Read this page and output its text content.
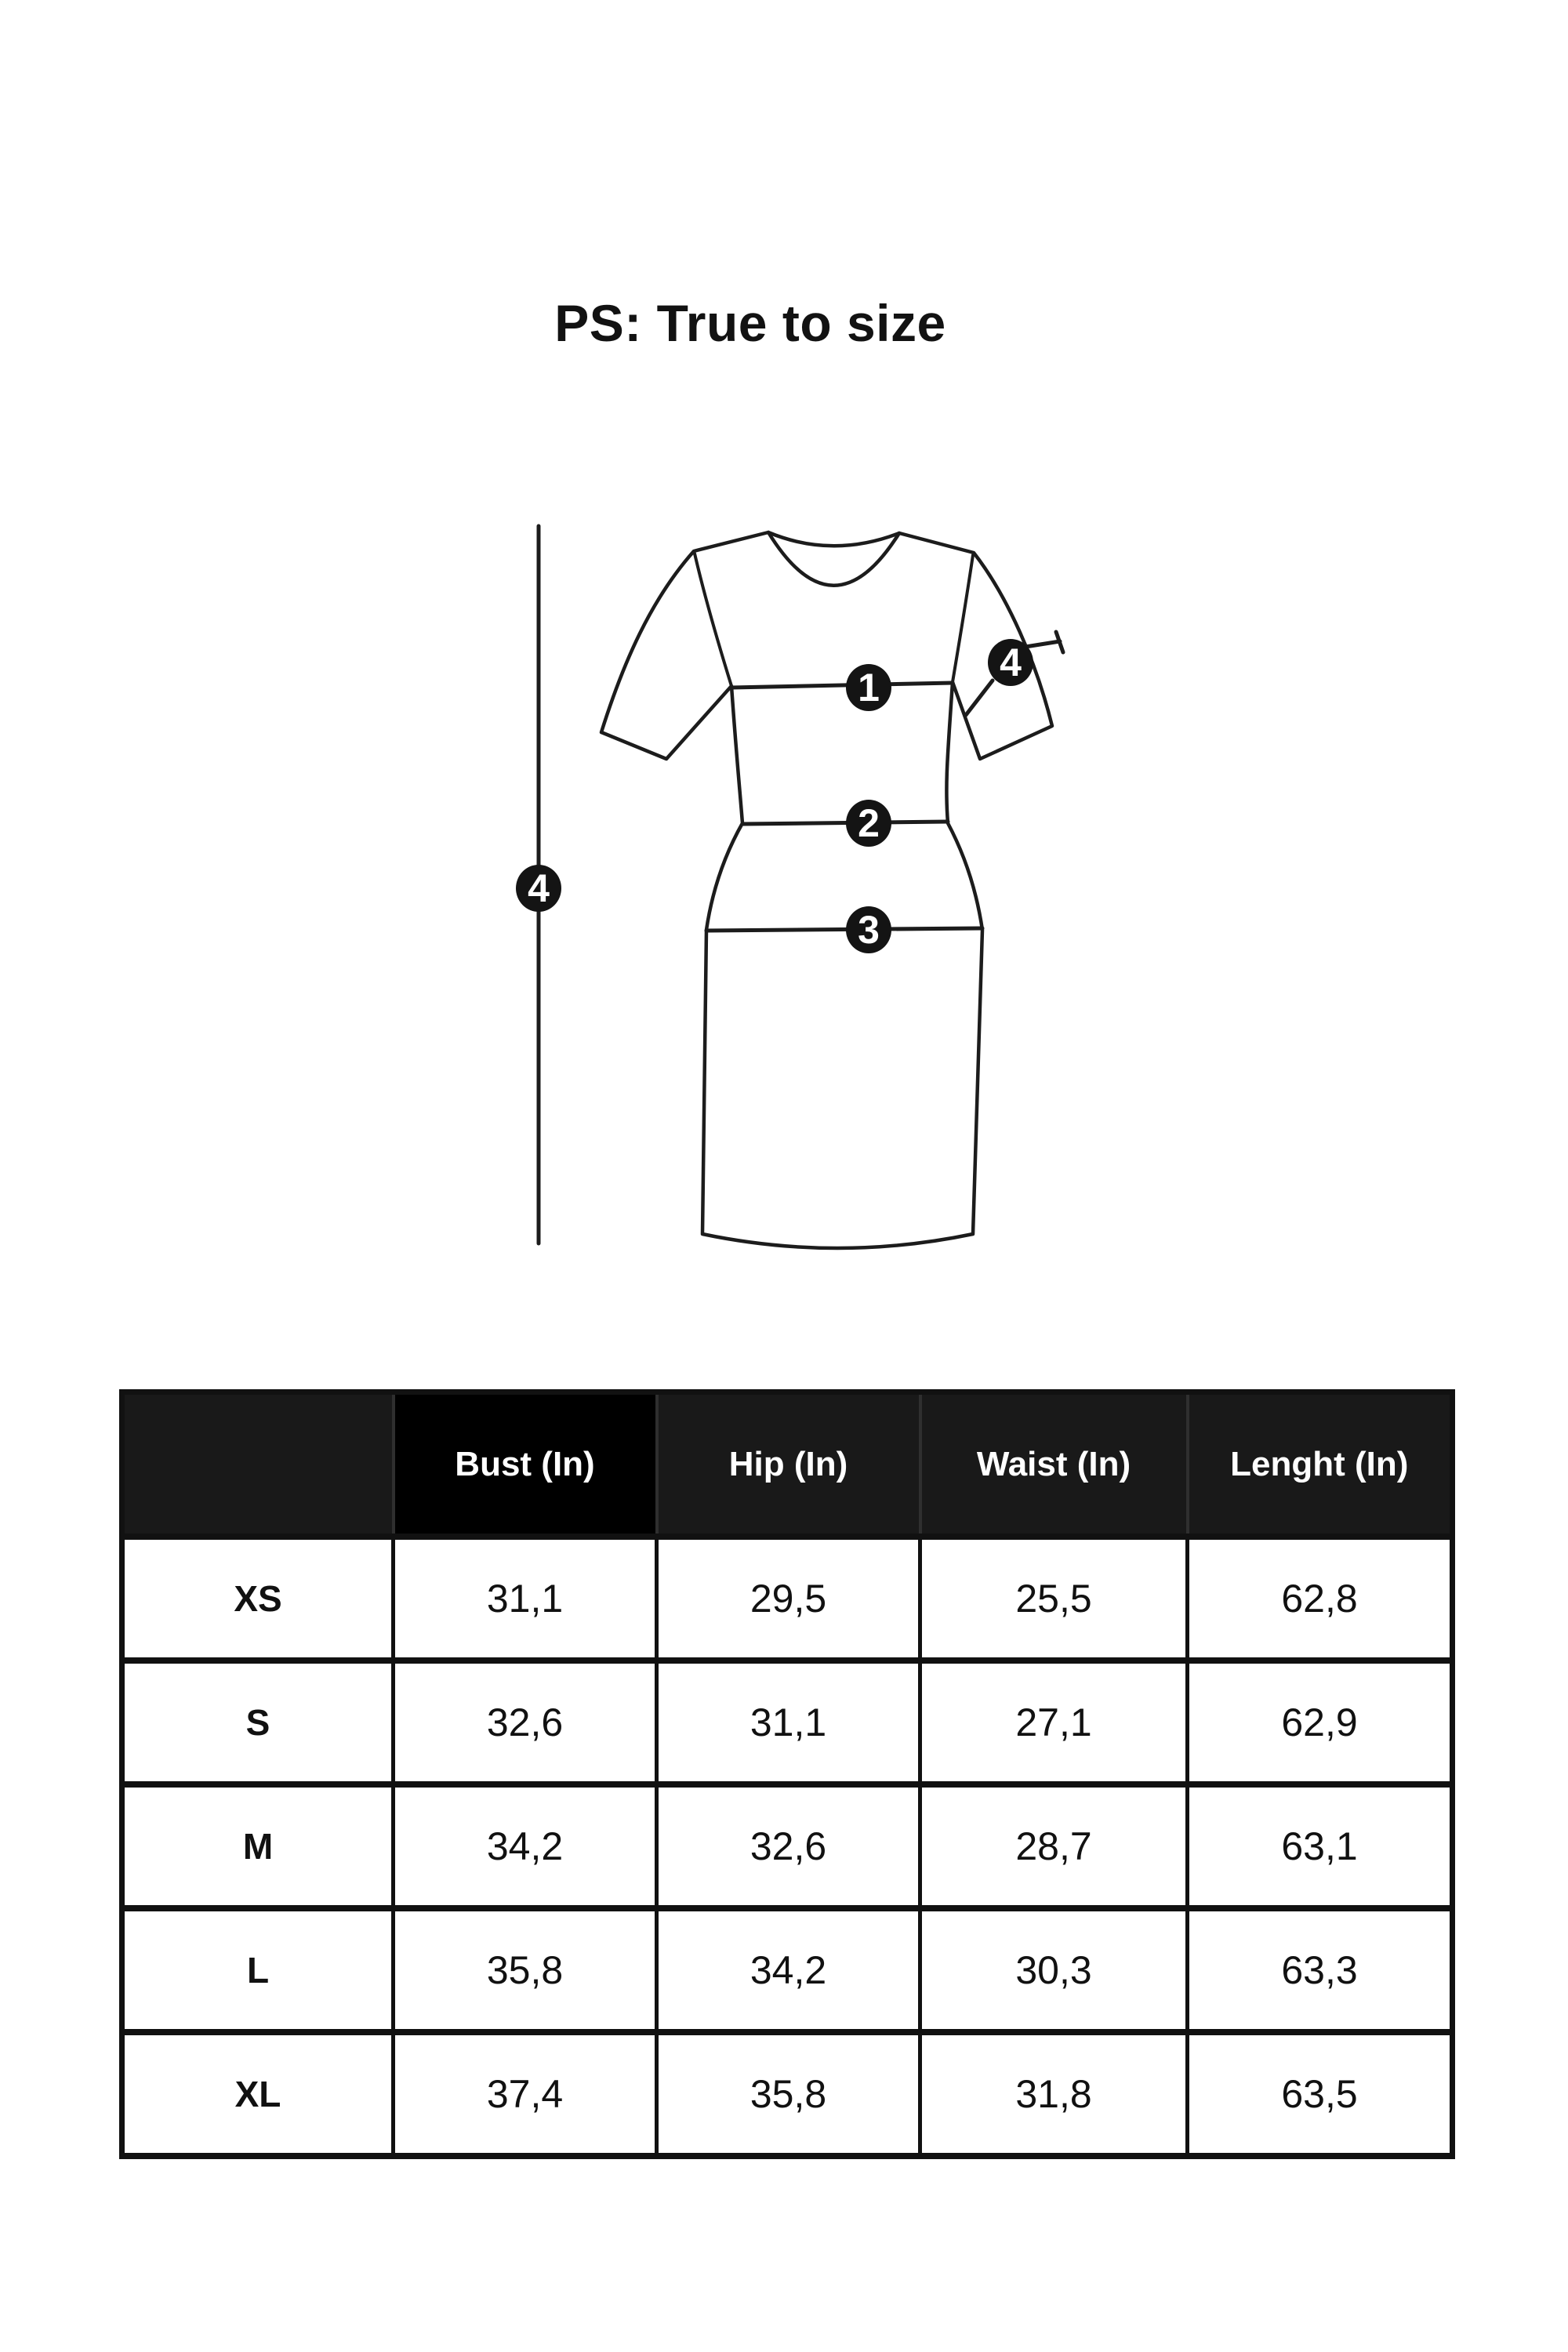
PS: True to size
1
2
3
4
4
	Bust (In)	Hip (In)	Waist (In)	Lenght (In)
XS	31,1	29,5	25,5	62,8
S	32,6	31,1	27,1	62,9
M	34,2	32,6	28,7	63,1
L	35,8	34,2	30,3	63,3
XL	37,4	35,8	31,8	63,5
